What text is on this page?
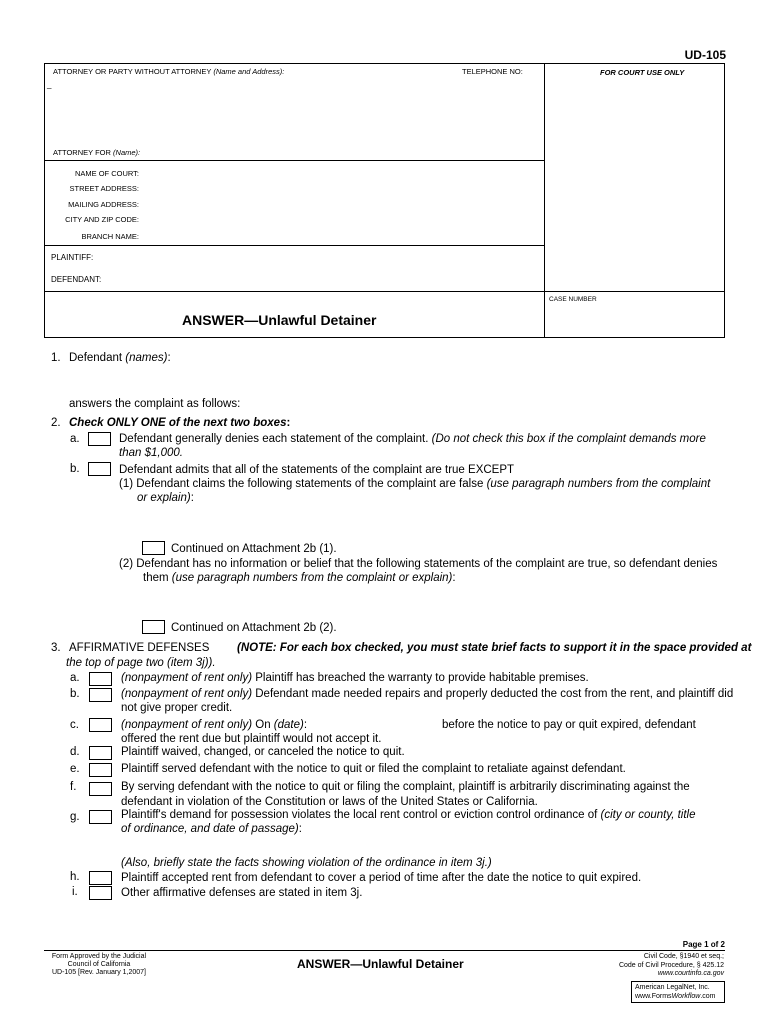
UD-105
ATTORNEY OR PARTY WITHOUT ATTORNEY (Name and Address):	TELEPHONE NO:	FOR COURT USE ONLY
_
ATTORNEY FOR (Name):
NAME OF COURT:
STREET ADDRESS:
MAILING ADDRESS:
CITY AND ZIP CODE:
BRANCH NAME:
PLAINTIFF:
DEFENDANT:
CASE NUMBER
ANSWER—Unlawful Detainer
1. Defendant (names):
answers the complaint as follows:
2. Check ONLY ONE of the next two boxes:
a.	Defendant generally denies each statement of the complaint. (Do not check this box if the complaint demands more
than $1,000.
b.	Defendant admits that all of the statements of the complaint are true EXCEPT
(1) Defendant claims the following statements of the complaint are false (use paragraph numbers from the complaint
or explain):
Continued on Attachment 2b (1).
(2) Defendant has no information or belief that the following statements of the complaint are true, so defendant denies
them (use paragraph numbers from the complaint or explain):
Continued on Attachment 2b (2).
3. AFFIRMATIVE DEFENSES (NOTE: For each box checked, you must state brief facts to support it in the space provided at
the top of page two (item 3j)).
a.	(nonpayment of rent only) Plaintiff has breached the warranty to provide habitable premises.
b.	(nonpayment of rent only) Defendant made needed repairs and properly deducted the cost from the rent, and plaintiff did
not give proper credit.
c.	(nonpayment of rent only) On (date):	before the notice to pay or quit expired, defendant
offered the rent due but plaintiff would not accept it.
d.	Plaintiff waived, changed, or canceled the notice to quit.
e.	Plaintiff served defendant with the notice to quit or filed the complaint to retaliate against defendant.
f.	By serving defendant with the notice to quit or filing the complaint, plaintiff is arbitrarily discriminating against the
defendant in violation of the Constitution or laws of the United States or California.
g.	Plaintiff's demand for possession violates the local rent control or eviction control ordinance of (city or county, title
of ordinance, and date of passage):
(Also, briefly state the facts showing violation of the ordinance in item 3j.)
h.	Plaintiff accepted rent from defendant to cover a period of time after the date the notice to quit expired.
i.	Other affirmative defenses are stated in item 3j.
Page 1 of 2
Form Approved by the Judicial
Council of California
UD-105 [Rev. January 1,2007]
ANSWER—Unlawful Detainer
Civil Code, §1940 et seq.;
Code of Civil Procedure, § 425.12
www.courtinfo.ca.gov
American LegalNet, Inc.
www.FormsWorkflow.com
